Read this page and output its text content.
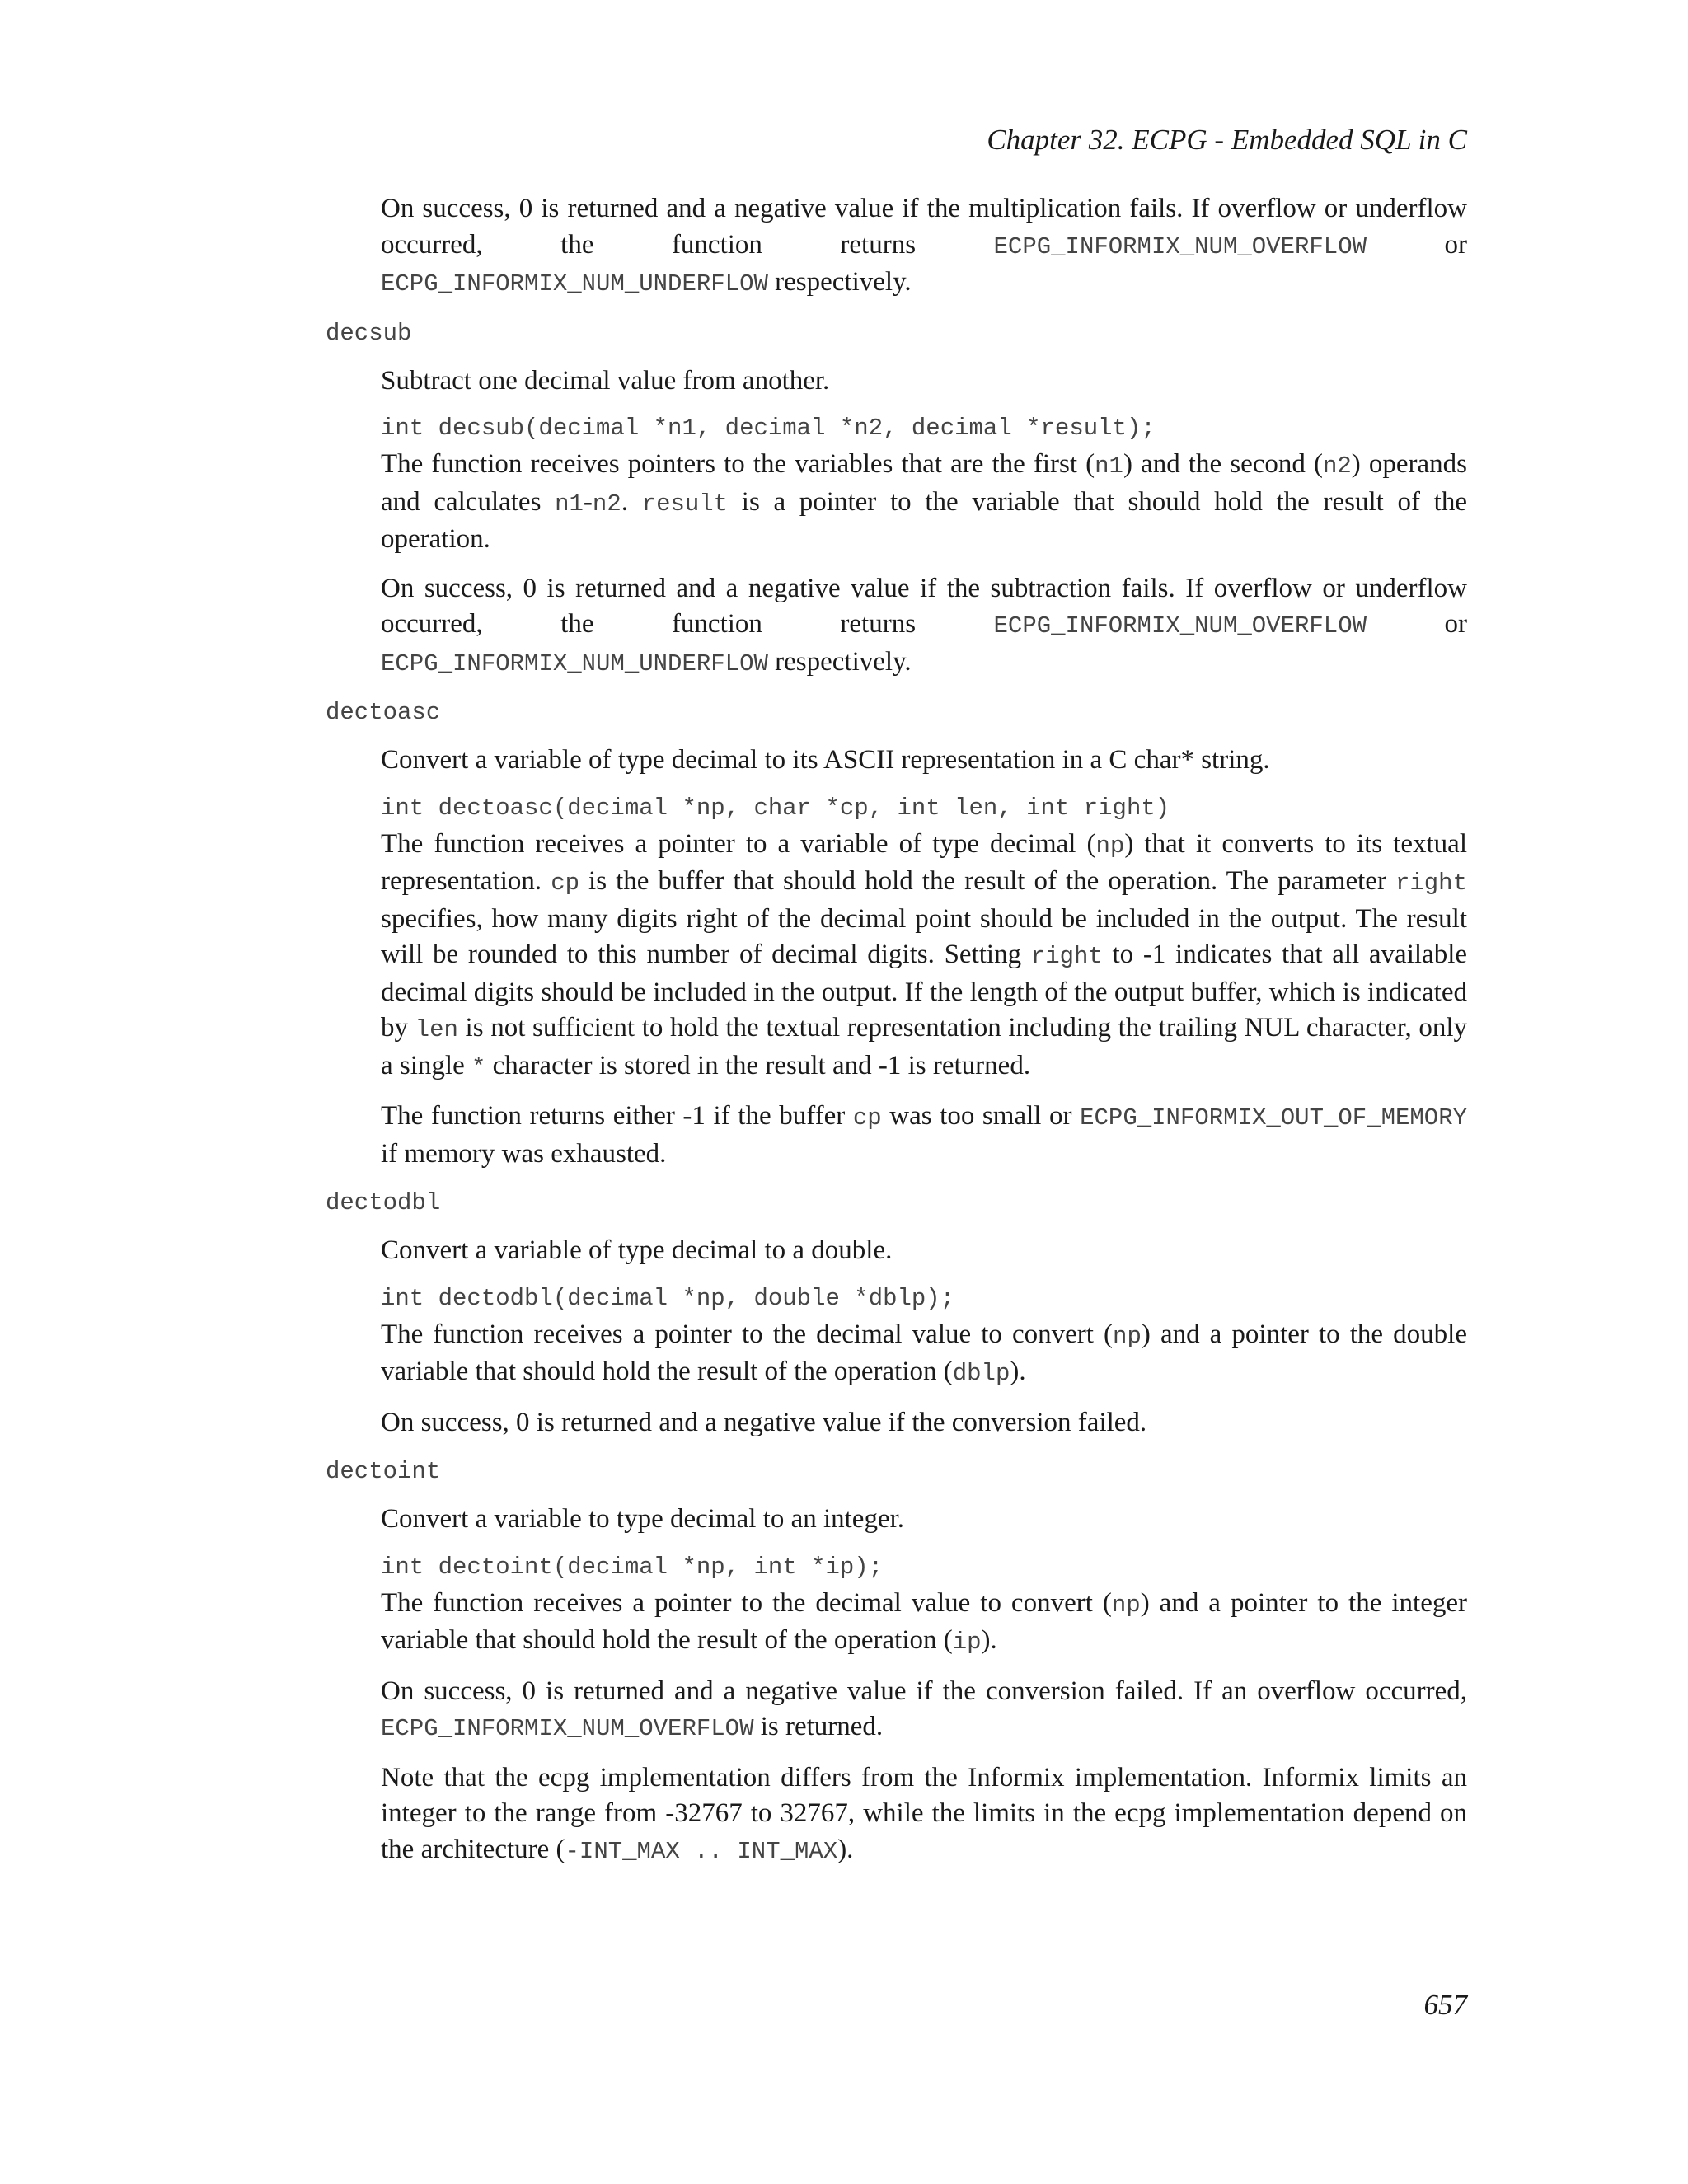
Chapter 32. ECPG - Embedded SQL in C

On success, 0 is returned and a negative value if the multiplication fails. If overflow or underflow occurred, the function returns ECPG_INFORMIX_NUM_OVERFLOW or ECPG_INFORMIX_NUM_UNDERFLOW respectively.

decsub

Subtract one decimal value from another.

int decsub(decimal *n1, decimal *n2, decimal *result);

The function receives pointers to the variables that are the first (n1) and the second (n2) operands and calculates n1-n2. result is a pointer to the variable that should hold the result of the operation.

On success, 0 is returned and a negative value if the subtraction fails. If overflow or underflow occurred, the function returns ECPG_INFORMIX_NUM_OVERFLOW or ECPG_INFORMIX_NUM_UNDERFLOW respectively.

dectoasc

Convert a variable of type decimal to its ASCII representation in a C char* string.

int dectoasc(decimal *np, char *cp, int len, int right)

The function receives a pointer to a variable of type decimal (np) that it converts to its textual representation. cp is the buffer that should hold the result of the operation. The parameter right specifies, how many digits right of the decimal point should be included in the output. The result will be rounded to this number of decimal digits. Setting right to -1 indicates that all available decimal digits should be included in the output. If the length of the output buffer, which is indicated by len is not sufficient to hold the textual representation including the trailing NUL character, only a single * character is stored in the result and -1 is returned.

The function returns either -1 if the buffer cp was too small or ECPG_INFORMIX_OUT_OF_MEMORY if memory was exhausted.

dectodbl

Convert a variable of type decimal to a double.

int dectodbl(decimal *np, double *dblp);

The function receives a pointer to the decimal value to convert (np) and a pointer to the double variable that should hold the result of the operation (dblp).

On success, 0 is returned and a negative value if the conversion failed.

dectoint

Convert a variable to type decimal to an integer.

int dectoint(decimal *np, int *ip);

The function receives a pointer to the decimal value to convert (np) and a pointer to the integer variable that should hold the result of the operation (ip).

On success, 0 is returned and a negative value if the conversion failed. If an overflow occurred, ECPG_INFORMIX_NUM_OVERFLOW is returned.

Note that the ecpg implementation differs from the Informix implementation. Informix limits an integer to the range from -32767 to 32767, while the limits in the ecpg implementation depend on the architecture (-INT_MAX .. INT_MAX).

657
